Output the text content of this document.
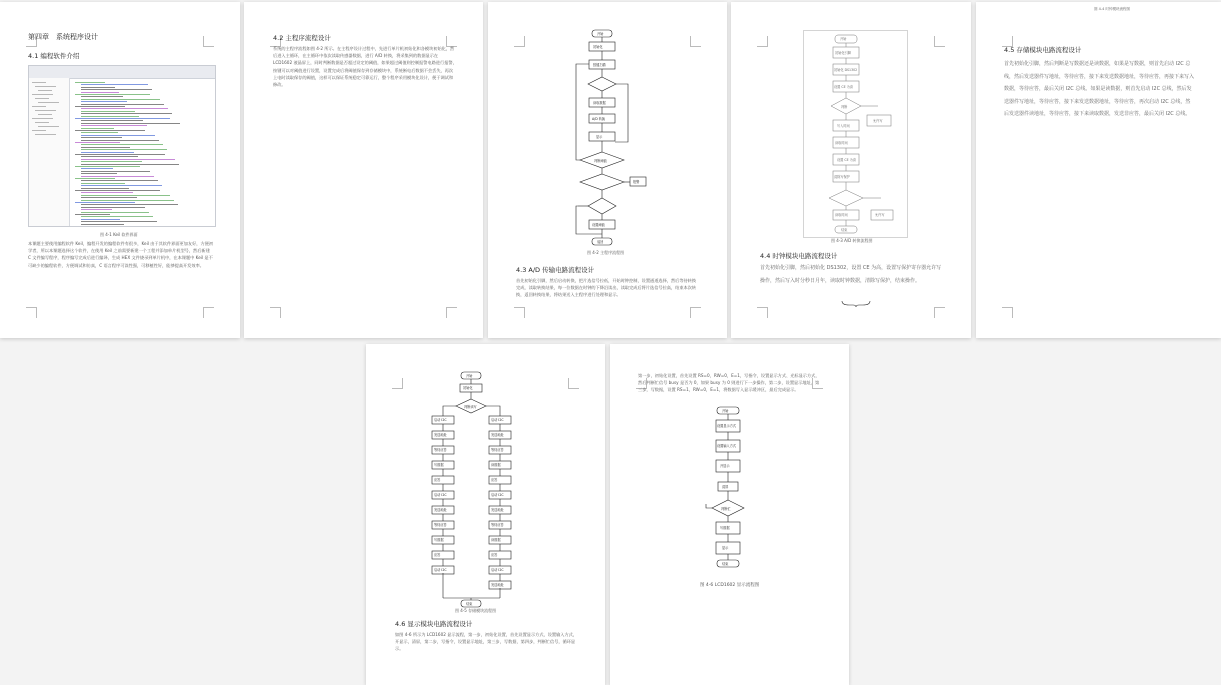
第四章　系统程序设计
4.1 编程软件介绍
图 4-1 Keil 软件界面
本课题主要使用编程软件 Keil，编程开发的编程软件有很多，Keil 由于其软件界面更加友好，方便初学者，所以本课题选择这个软件，在使用 Keil 之前需要新建一个工程并添加单片机型号，然后新建 C 文件编写程序，程序编写完成后进行编译，生成 HEX 文件烧录到单片机中，在本课题中 Keil 是不可缺少的编程软件，方便调试和仿真，C 语言程序可读性强，可移植性好，能够提高开发效率。
4.2 主程序流程设计
系统的主程序流程如图 4-2 所示。在主程序设计过程中，先进行单片机初始化和各模块初始化，然后进入主循环，在主循环中依次读取传感器数据，进行 A/D 转换，将采集到的数据显示在 LCD1602 液晶屏上，同时判断数据是否超过设定的阈值，如果超过阈值则控制报警电路进行报警，按键可以对阈值进行设置，设置完成后将阈值保存到存储模块中，系统断电后数据不会丢失，再次上电时读取保存的阈值，这样可以保证系统稳定可靠运行，整个程序采用模块化设计，便于调试和修改。
开始
初始化
按键扫描
读取数据
A/D 转换
显示
判断阈值
报警
设置阈值
返回
图 4-2 主程序流程图
4.3 A/D 传输电路流程设计
首先初始化引脚，然后启动转换，把片选信号拉低，开始时钟控制，设置通道选择，然后等待转换完成，读取转换结果，每一位数据在时钟的下降沿读出，读取完成后将片选信号拉高，结束本次转换，返回转换结果，将结果送入主程序进行处理和显示。
开始
初始化引脚
初始化 DS1302
设置 CE 为高
判断
允许写
写入时间
读取时间
设置 CE 为高
清除写保护
读取时间	允许写
结束
图 4-3 A/D 转换流程图
4.4 时钟模块电路流程设计
首先初始化引脚，然后初始化 DS1302，设置 CE 为高，设置写保护寄存器允许写操作，然后写入时分秒日月年，读取时钟数据，清除写保护，结束操作。
图 4-4 时钟模块流程图
4.5 存储模块电路流程设计
首先初始化引脚，然后判断是写数据还是读数据，如果是写数据，则首先启动 I2C 总线，然后发送器件写地址，等待应答，接下来发送数据地址，等待应答，再接下来写入数据，等待应答，最后关闭 I2C 总线。如果是读数据，则首先启动 I2C 总线，然后发送器件写地址，等待应答，接下来发送数据地址，等待应答，再次启动 I2C 总线，然后发送器件读地址，等待应答，接下来读取数据，发送非应答，最后关闭 I2C 总线。
开始
初始化
判断读写
启动 I2C
发送地址
等待应答
写数据
应答
启动 I2C
发送地址
等待应答
写数据
应答
启动 I2C
启动 I2C
发送地址
等待应答
读数据
应答
启动 I2C
发送地址
等待应答
读数据
应答
启动 I2C
发送地址
结束
图 4-5 存储模块流程图
4.6 显示模块电路流程设计
如图 4-6 所示为 LCD1602 显示流程，第一步，初始化设置，首先设置显示方式，设置输入方式，开显示，清屏，第二步，写指令，设置显示地址，第三步，写数据，第四步，判断忙信号，循环显示。
第一步，初始化设置，首先设置 RS=0，RW=0，E=1，写指令，设置显示方式、光标显示方式，然后判断忙信号 busy 是否为 0，如果 busy 为 0 则进行下一步操作，第二步，设置显示地址，第三步，写数据，设置 RS=1，RW=0，E=1，将数据写入显示缓冲区，最后完成显示。
开始
设置显示方式
设置输入方式
开显示
清屏
判断忙
写数据
显示
结束
图 4-6 LCD1602 显示流程图
